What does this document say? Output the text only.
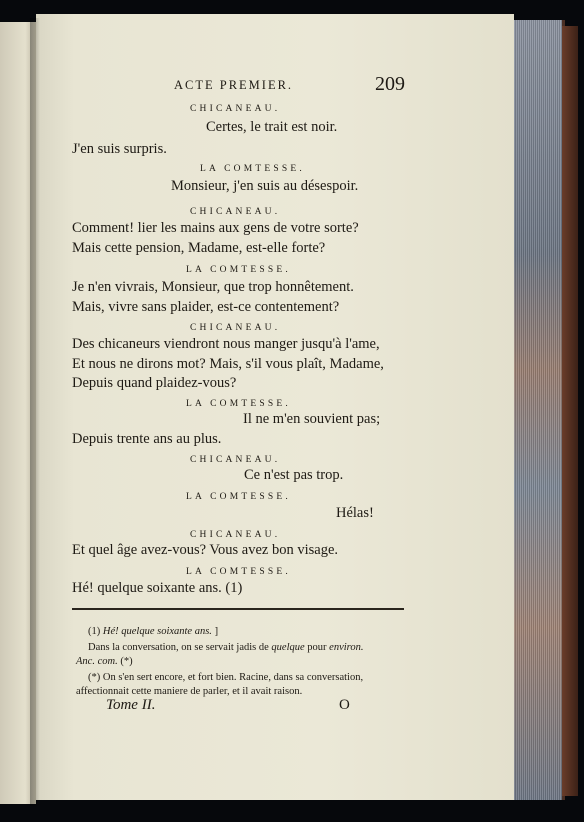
ACTE PREMIER.	209
CHICANEAU.
Certes, le trait est noir.
J'en suis surpris.
LA COMTESSE.
Monsieur, j'en suis au désespoir.
CHICANEAU.
Comment! lier les mains aux gens de votre sorte?
Mais cette pension, Madame, est-elle forte?
LA COMTESSE.
Je n'en vivrais, Monsieur, que trop honnêtement.
Mais, vivre sans plaider, est-ce contentement?
CHICANEAU.
Des chicaneurs viendront nous manger jusqu'à l'ame,
Et nous ne dirons mot? Mais, s'il vous plaît, Madame,
Depuis quand plaidez-vous?
LA COMTESSE.
Il ne m'en souvient pas;
Depuis trente ans au plus.
CHICANEAU.
Ce n'est pas trop.
LA COMTESSE.
Hélas!
CHICANEAU.
Et quel âge avez-vous? Vous avez bon visage.
LA COMTESSE.
Hé! quelque soixante ans. (1)
(1) Hé! quelque soixante ans. ]
Dans la conversation, on se servait jadis de quelque pour environ.
Anc. com. (*)
(*) On s'en sert encore, et fort bien. Racine, dans sa conversation,
affectionnait cette maniere de parler, et il avait raison.
Tome II.	O
